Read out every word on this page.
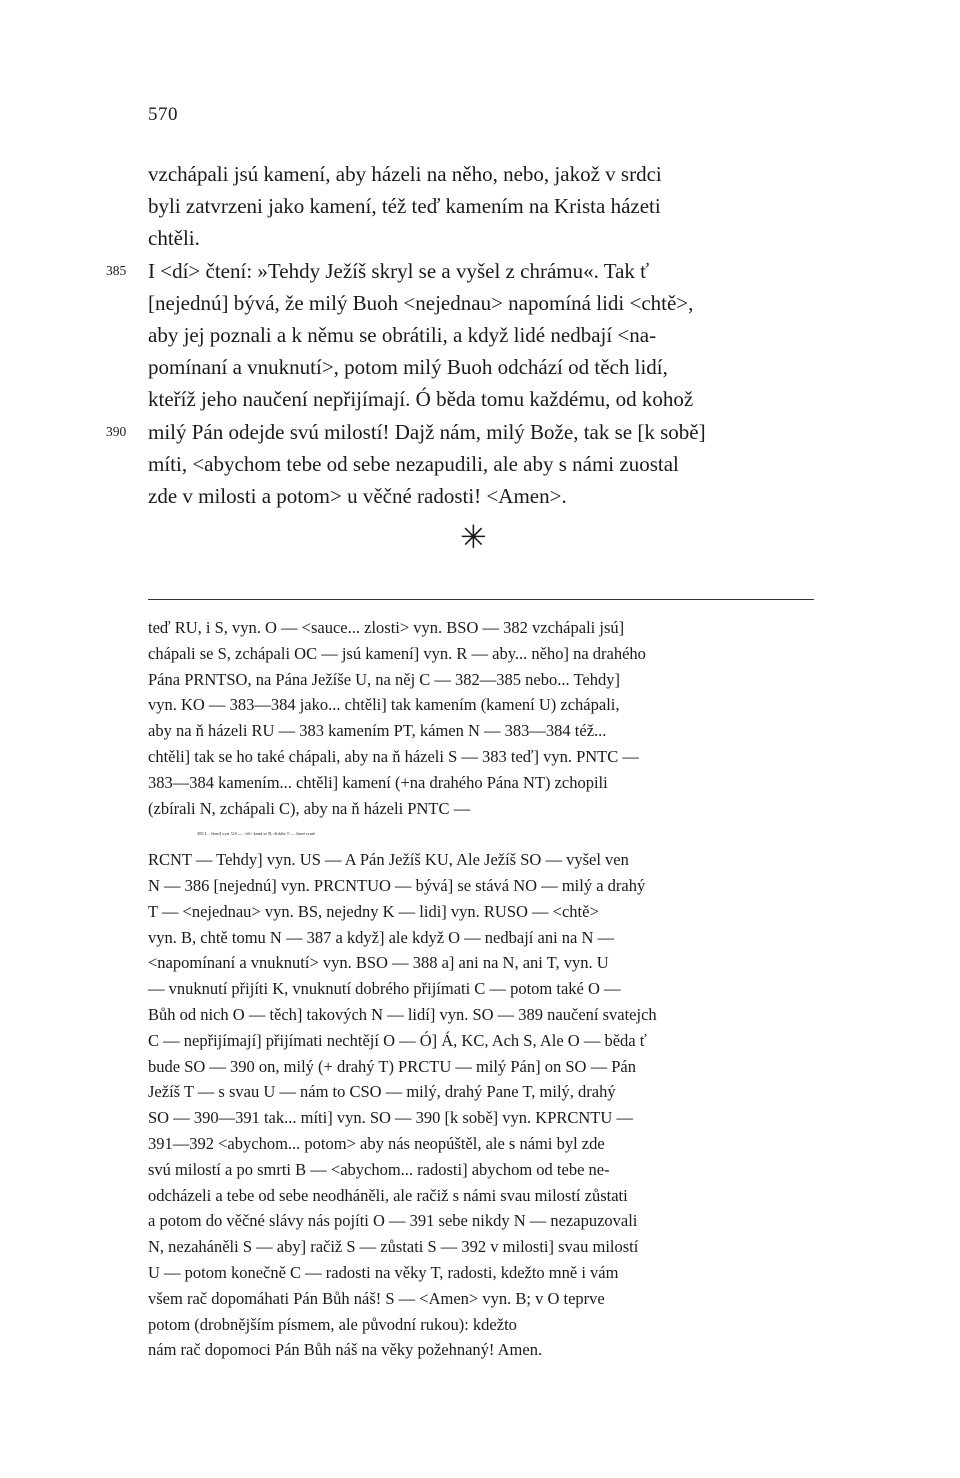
570
vzchápali jsú kamení, aby házeli na něho, nebo, jakož v srdci
byli zatvrzeni jako kamení, též teď kamením na Krista házeti
chtěli.
385 I <dí> čtení: »Tehdy Ježíš skryl se a vyšel z chrámu«. Tak ť
[nejednú] bývá, že milý Buoh <nejednau> napomíná lidi <chtě>,
aby jej poznali a k němu se obrátili, a když lidé nedbají <na-
pomínaní a vnuknutí>, potom milý Buoh odchází od těch lidí,
kteříž jeho naučení nepřijímají. Ó běda tomu každému, od kohož
390 milý Pán odejde svú milostí! Dajž nám, milý Bože, tak se [k sobě]
míti, <abychom tebe od sebe nezapudili, ale aby s námi zuostal
zde v milosti a potom> u věčné radosti! <Amen>.
✳
teď RU, i S, vyn. O — <sauce... zlosti> vyn. BSO — 382 vzchápali jsú]
chápali se S, zchápali OC — jsú kamení] vyn. R — aby... něho] na drahého
Pána PRNTSO, na Pána Ježíše U, na něj C — 382—385 nebo... Tehdy]
vyn. KO — 383—384 jako... chtěli] tak kamením (kamení U) zchápali,
aby na ň házeli RU — 383 kamením PT, kámen N — 383—384 též...
chtěli] tak se ho také chápali, aby na ň házeli S — 383 teď] vyn. PNTC —
383—384 kamením... chtěli] kamení (+na drahého Pána NT) zchopili
(zbírali N, zchápali C), aby na ň házeli PNTC —
385 I... čtení] vyn. US — <dí> koná se B, dí dále T — čtení svaté
RCNT — Tehdy] vyn. US — A Pán Ježíš KU, Ale Ježíš SO — vyšel ven
N — 386 [nejednú] vyn. PRCNTUO — bývá] se stává NO — milý a drahý
T — <nejednau> vyn. BS, nejedny K — lidi] vyn. RUSO — <chtě>
vyn. B, chtě tomu N — 387 a když] ale když O — nedbají ani na N —
<napomínaní a vnuknutí> vyn. BSO — 388 a] ani na N, ani T, vyn. U
— vnuknutí přijíti K, vnuknutí dobrého přijímati C — potom také O —
Bůh od nich O — těch] takových N — lidí] vyn. SO — 389 naučení svatejch
C — nepřijímají] přijímati nechtějí O — Ó] Á, KC, Ach S, Ale O — běda ť
bude SO — 390 on, milý (+ drahý T) PRCTU — milý Pán] on SO — Pán
Ježíš T — s svau U — nám to CSO — milý, drahý Pane T, milý, drahý
SO — 390—391 tak... míti] vyn. SO — 390 [k sobě] vyn. KPRCNTU —
391—392 <abychom... potom> aby nás neopúštěl, ale s námi byl zde
svú milostí a po smrti B — <abychom... radosti] abychom od tebe ne-
odcházeli a tebe od sebe neodháněli, ale račiž s námi svau milostí zůstati
a potom do věčné slávy nás pojíti O — 391 sebe nikdy N — nezapuzovali
N, nezaháněli S — aby] račiž S — zůstati S — 392 v milosti] svau milostí
U — potom konečně C — radosti na věky T, radosti, kdežto mně i vám
všem rač dopomáhati Pán Bůh náš! S — <Amen> vyn. B; v O teprve
potom (drobnějším písmem, ale původní rukou): kdežto
nám rač dopomoci Pán Bůh náš na věky požehnaný! Amen.
